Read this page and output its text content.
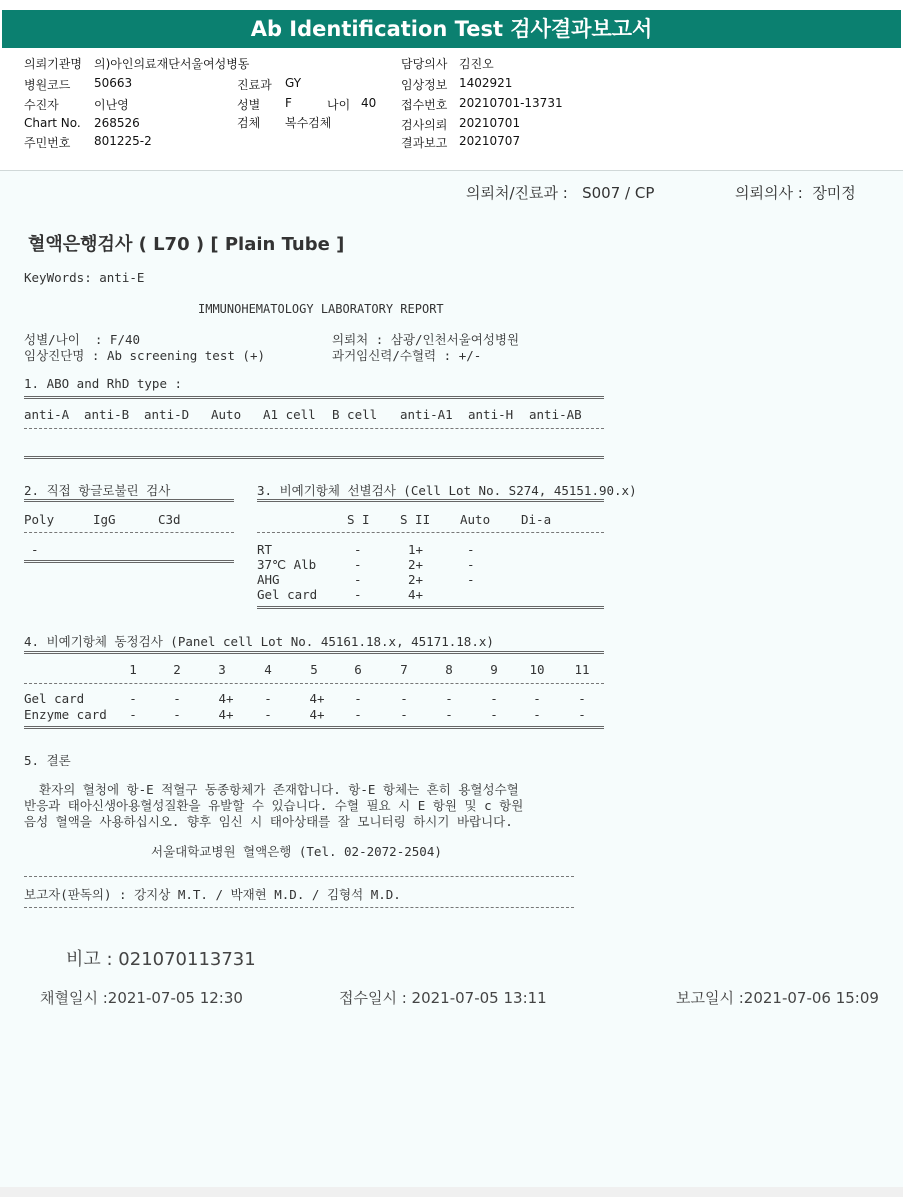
Ab Identification Test 검사결과보고서
의뢰기관명 의)아인의료재단서울여성병동
병원코드 50663
수진자	이난영
Chart No. 268526
주민번호 801225-2
진료과 GY
성별 F	나이 40
검체 복수검체
담당의사 김진오
임상정보 1402921
접수번호 20210701-13731
검사의뢰 20210701
결과보고 20210707
의뢰처/진료과 :   S007 / CP	의뢰의사 :  장미정
혈액은행검사 ( L70 ) [ Plain Tube ]
KeyWords: anti-E
IMMUNOHEMATOLOGY LABORATORY REPORT
성별/나이  : F/40
임상진단명 : Ab screening test (+)
의뢰처 : 삼광/인천서울여성병원
과거임신력/수혈력 : +/-
1. ABO and RhD type :
anti-A anti-B anti-D Auto A1 cell B cell anti-A1 anti-H anti-AB
2. 직접 항글로불린 검사
Poly	IgG	C3d
-
3. 비예기항체 선별검사 (Cell Lot No. S274, 45151.90.x)
S I S II Auto Di-a
RT	-	1+	-
37℃ Alb	-	2+	-
AHG	-	2+	-
Gel card	-	4+
4. 비예기항체 동정검사 (Panel cell Lot No. 45161.18.x, 45171.18.x)
1	2	3	4	5	6	7	8	9	10	11
Gel card	-	-	4+	-	4+	-	-	-	-	-	-
Enzyme card	-	-	4+	-	4+	-	-	-	-	-	-
5. 결론
환자의 혈청에 항-E 적혈구 동종항체가 존재합니다. 항-E 항체는 흔히 용혈성수혈
반응과 태아신생아용혈성질환을 유발할 수 있습니다. 수혈 필요 시 E 항원 및 c 항원
음성 혈액을 사용하십시오. 향후 임신 시 태아상태를 잘 모니터링 하시기 바랍니다.
서울대학교병원 혈액은행 (Tel. 02-2072-2504)
보고자(판독의) : 강지상 M.T. / 박재현 M.D. / 김형석 M.D.
비고 : 021070113731
채혈일시 :2021-07-05 12:30	접수일시 : 2021-07-05 13:11	보고일시 :2021-07-06 15:09
